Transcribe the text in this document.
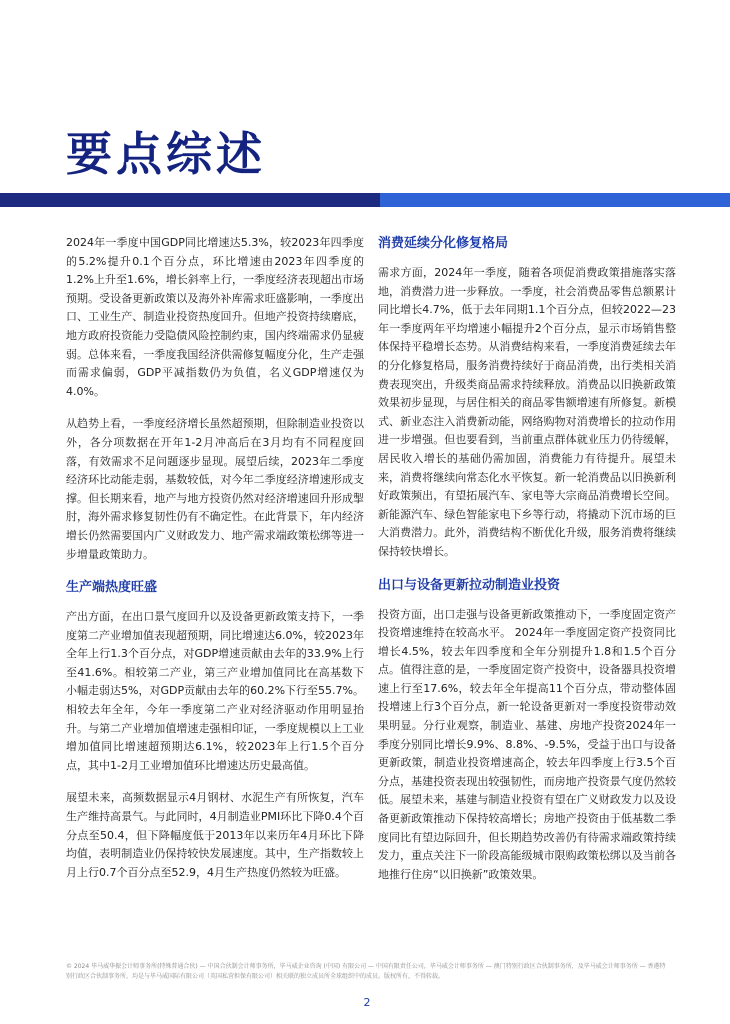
要点综述

2024年一季度中国GDP同比增速达5.3%，较2023年四季度的5.2%提升0.1个百分点，环比增速由2023年四季度的1.2%上升至1.6%，增长斜率上行，一季度经济表现超出市场预期。受设备更新政策以及海外补库需求旺盛影响，一季度出口、工业生产、制造业投资热度回升。但地产投资持续磨底，地方政府投资能力受隐债风险控制约束，国内终端需求仍显疲弱。总体来看，一季度我国经济供需修复幅度分化，生产走强而需求偏弱，GDP平减指数仍为负值，名义GDP增速仅为4.0%。

从趋势上看，一季度经济增长虽然超预期，但除制造业投资以外，各分项数据在开年1-2月冲高后在3月均有不同程度回落，有效需求不足问题逐步显现。展望后续，2023年二季度经济环比动能走弱，基数较低，对今年二季度经济增速形成支撑。但长期来看，地产与地方投资仍然对经济增速回升形成掣肘，海外需求修复韧性仍有不确定性。在此背景下，年内经济增长仍然需要国内广义财政发力、地产需求端政策松绑等进一步增量政策助力。

生产端热度旺盛

产出方面，在出口景气度回升以及设备更新政策支持下，一季度第二产业增加值表现超预期，同比增速达6.0%，较2023年全年上行1.3个百分点，对GDP增速贡献由去年的33.9%上行至41.6%。相较第二产业，第三产业增加值同比在高基数下小幅走弱达5%，对GDP贡献由去年的60.2%下行至55.7%。相较去年全年，今年一季度第二产业对经济驱动作用明显抬升。与第二产业增加值增速走强相印证，一季度规模以上工业增加值同比增速超预期达6.1%，较2023年上行1.5个百分点，其中1-2月工业增加值环比增速达历史最高值。

展望未来，高频数据显示4月钢材、水泥生产有所恢复，汽车生产维持高景气。与此同时，4月制造业PMI环比下降0.4个百分点至50.4，但下降幅度低于2013年以来历年4月环比下降均值，表明制造业仍保持较快发展速度。其中，生产指数较上月上行0.7个百分点至52.9，4月生产热度仍然较为旺盛。

消费延续分化修复格局

需求方面，2024年一季度，随着各项促消费政策措施落实落地，消费潜力进一步释放。一季度，社会消费品零售总额累计同比增长4.7%，低于去年同期1.1个百分点，但较2022—23年一季度两年平均增速小幅提升2个百分点，显示市场销售整体保持平稳增长态势。从消费结构来看，一季度消费延续去年的分化修复格局，服务消费持续好于商品消费，出行类相关消费表现突出，升级类商品需求持续释放。消费品以旧换新政策效果初步显现，与居住相关的商品零售额增速有所修复。新模式、新业态注入消费新动能，网络购物对消费增长的拉动作用进一步增强。但也要看到，当前重点群体就业压力仍待缓解，居民收入增长的基础仍需加固，消费能力有待提升。展望未来，消费将继续向常态化水平恢复。新一轮消费品以旧换新利好政策频出，有望拓展汽车、家电等大宗商品消费增长空间。新能源汽车、绿色智能家电下乡等行动，将撬动下沉市场的巨大消费潜力。此外，消费结构不断优化升级，服务消费将继续保持较快增长。

出口与设备更新拉动制造业投资

投资方面，出口走强与设备更新政策推动下，一季度固定资产投资增速维持在较高水平。 2024年一季度固定资产投资同比增长4.5%，较去年四季度和全年分别提升1.8和1.5个百分点。值得注意的是，一季度固定资产投资中，设备器具投资增速上行至17.6%，较去年全年提高11个百分点，带动整体固投增速上行3个百分点，新一轮设备更新对一季度投资带动效果明显。分行业观察，制造业、基建、房地产投资2024年一季度分别同比增长9.9%、8.8%、-9.5%，受益于出口与设备更新政策，制造业投资增速高企，较去年四季度上行3.5个百分点，基建投资表现出较强韧性，而房地产投资景气度仍然较低。展望未来，基建与制造业投资有望在广义财政发力以及设备更新政策推动下保持较高增长；房地产投资由于低基数二季度同比有望边际回升，但长期趋势改善仍有待需求端政策持续发力，重点关注下一阶段高能级城市限购政策松绑以及当前各地推行住房“以旧换新”政策效果。

© 2024 毕马威华振会计师事务所(特殊普通合伙) — 中国合伙制会计师事务所，毕马威企业咨询 (中国) 有限公司 — 中国有限责任公司，毕马威会计师事务所 — 澳门特别行政区合伙制事务所，及毕马威会计师事务所 — 香港特别行政区合伙制事务所，均是与毕马威国际有限公司（英国私营担保有限公司）相关联的独立成员所全球组织中的成员。版权所有，不得转载。
2
